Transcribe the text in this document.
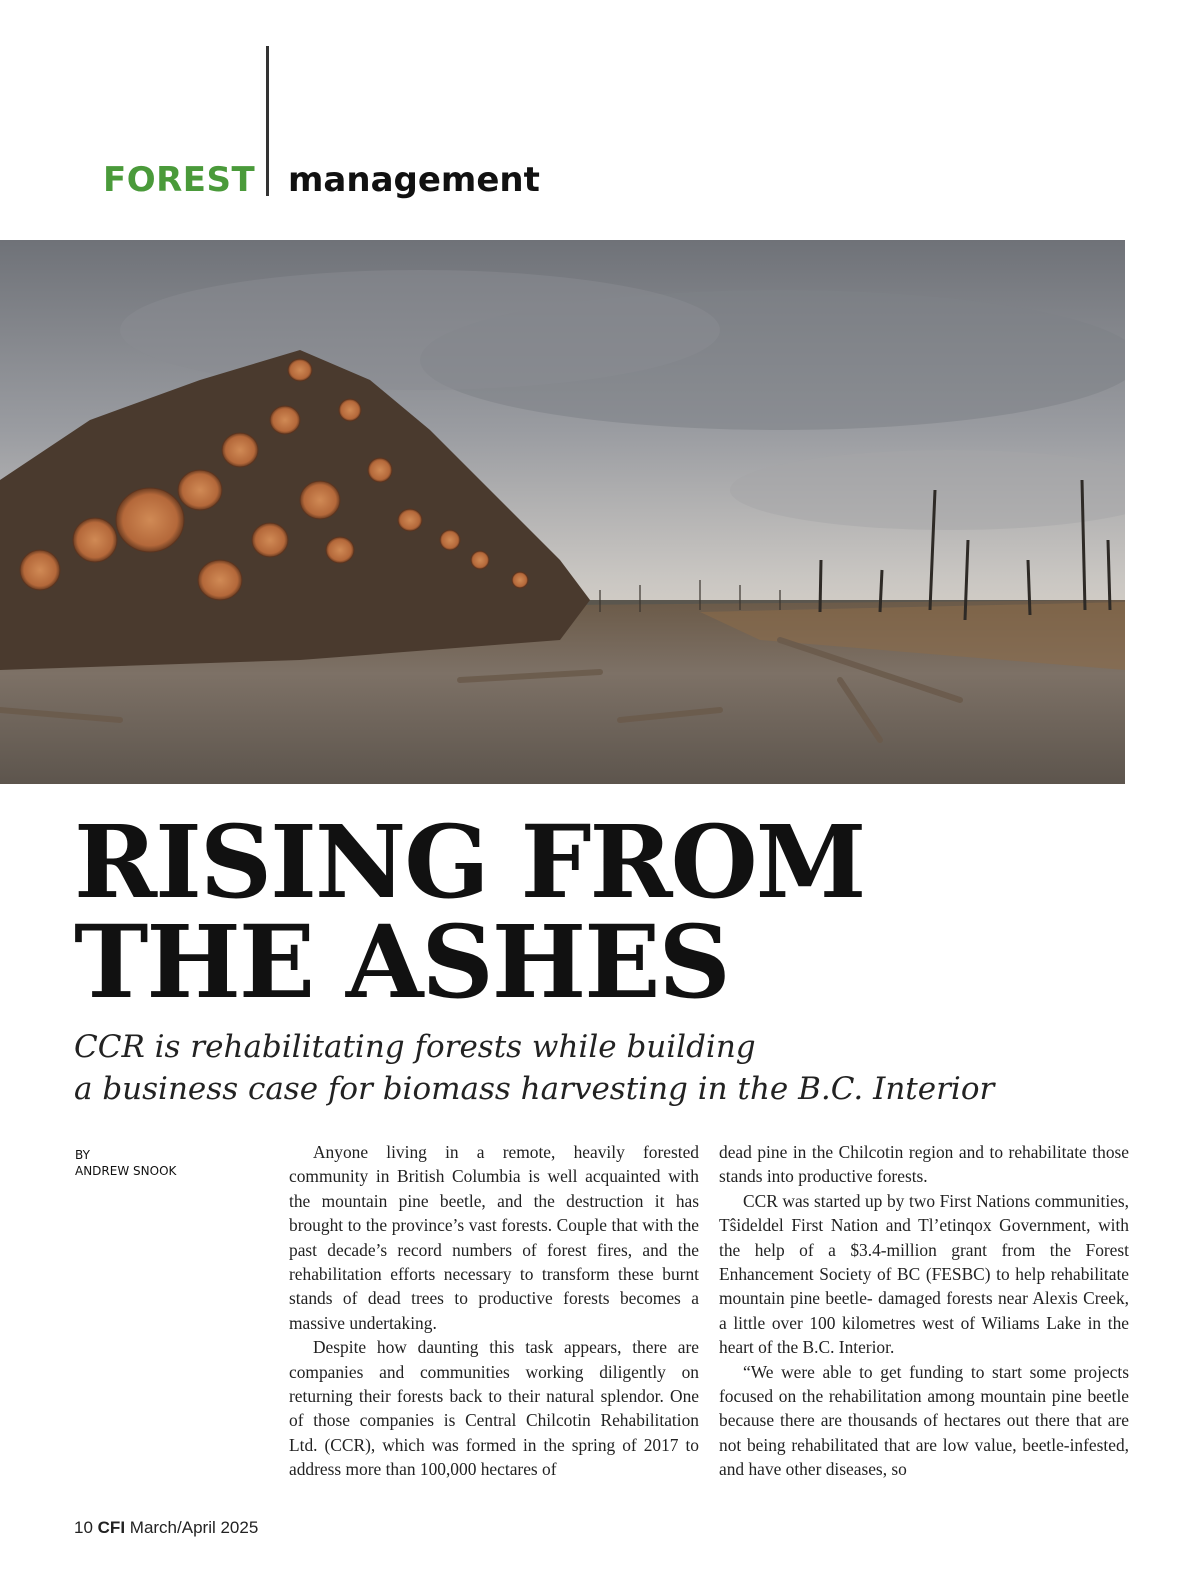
FOREST management
RISING FROM
THE ASHES
CCR is rehabilitating forests while building
a business case for biomass harvesting in the B.C. Interior
BY
ANDREW SNOOK

Anyone living in a remote, heavily forested community in British Columbia is well acquainted with the mountain pine beetle, and the destruction it has brought to the province’s vast forests. Couple that with the past decade’s record numbers of forest fires, and the rehabilitation efforts necessary to transform these burnt stands of dead trees to productive forests becomes a massive undertaking.

Despite how daunting this task appears, there are companies and communities working diligently on returning their forests back to their natural splendor. One of those companies is Central Chilcotin Rehabilitation Ltd. (CCR), which was formed in the spring of 2017 to address more than 100,000 hectares of

dead pine in the Chilcotin region and to rehabilitate those stands into productive forests.

CCR was started up by two First Nations communities, Tŝideldel First Nation and Tl’etinqox Government, with the help of a $3.4-million grant from the Forest Enhancement Society of BC (FESBC) to help rehabilitate mountain pine beetle- damaged forests near Alexis Creek, a little over 100 kilometres west of Wiliams Lake in the heart of the B.C. Interior.

“We were able to get funding to start some projects focused on the rehabilitation among mountain pine beetle because there are thousands of hectares out there that are not being rehabilitated that are low value, beetle-infested, and have other diseases, so

10 CFI March/April 2025
